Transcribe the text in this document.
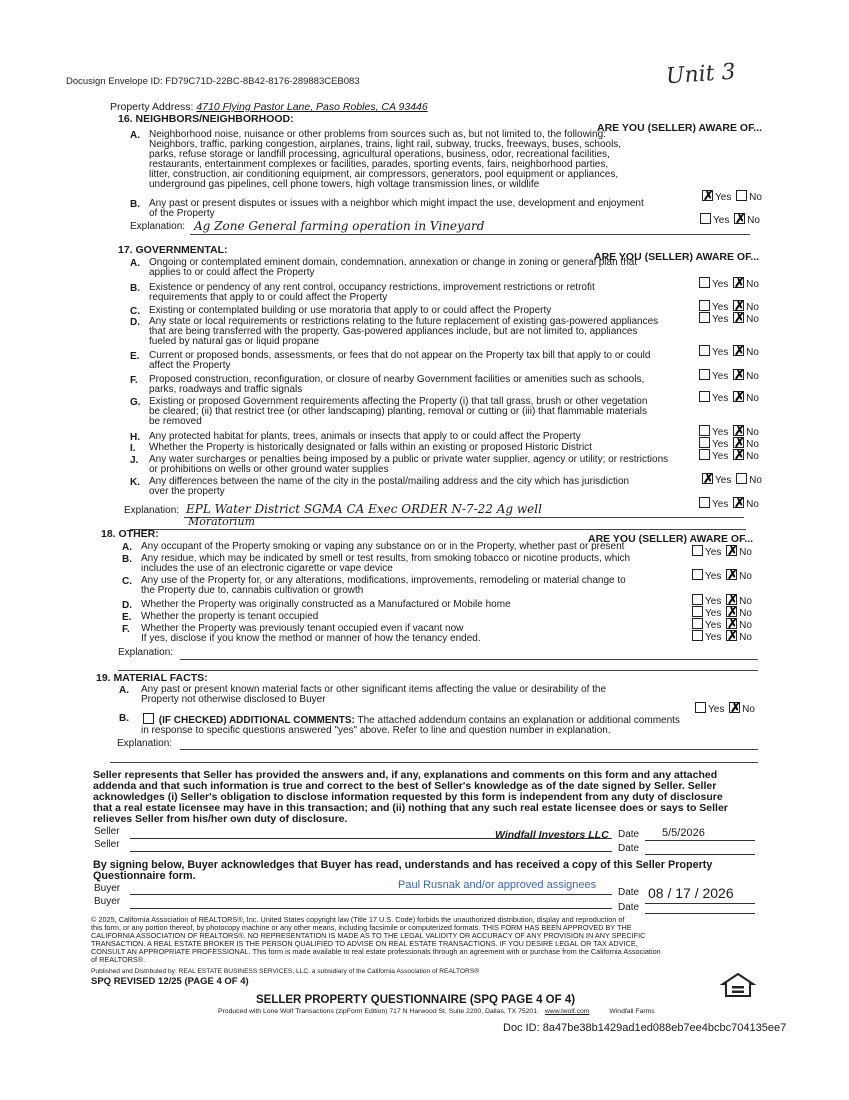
Docusign Envelope ID: FD79C71D-22BC-8B42-8176-289883CEB083	Unit 3
Property Address: 4710 Flying Pastor Lane, Paso Robles, CA 93446
16. NEIGHBORS/NEIGHBORHOOD:
ARE YOU (SELLER) AWARE OF...
A. Neighborhood noise, nuisance or other problems from sources such as, but not limited to, the following:
Neighbors, traffic, parking congestion, airplanes, trains, light rail, subway, trucks, freeways, buses, schools,
parks, refuse storage or landfill processing, agricultural operations, business, odor, recreational facilities,
restaurants, entertainment complexes or facilities, parades, sporting events, fairs, neighborhood parties,
litter, construction, air conditioning equipment, air compressors, generators, pool equipment or appliances,
underground gas pipelines, cell phone towers, high voltage transmission lines, or wildlife
✗Yes No
B. Any past or present disputes or issues with a neighbor which might impact the use, development and enjoyment
of the Property
Yes ✗ No
Explanation: Ag Zone General farming operation in Vineyard
17. GOVERNMENTAL:
ARE YOU (SELLER) AWARE OF...
A. Ongoing or contemplated eminent domain, condemnation, annexation or change in zoning or general plan that
applies to or could affect the Property
Yes ✗ No
B. Existence or pendency of any rent control, occupancy restrictions, improvement restrictions or retrofit
requirements that apply to or could affect the Property
Yes ✗ No
C. Existing or contemplated building or use moratoria that apply to or could affect the Property
Yes ✗ No
D. Any state or local requirements or restrictions relating to the future replacement of existing gas-powered appliances
that are being transferred with the property. Gas-powered appliances include, but are not limited to, appliances
fueled by natural gas or liquid propane
Yes ✗ No
E. Current or proposed bonds, assessments, or fees that do not appear on the Property tax bill that apply to or could
affect the Property
Yes ✗ No
F. Proposed construction, reconfiguration, or closure of nearby Government facilities or amenities such as schools,
parks, roadways and traffic signals
Yes ✗ No
G. Existing or proposed Government requirements affecting the Property (i) that tall grass, brush or other vegetation
be cleared; (ii) that restrict tree (or other landscaping) planting, removal or cutting or (iii) that flammable materials
be removed
Yes ✗ No
H. Any protected habitat for plants, trees, animals or insects that apply to or could affect the Property
Yes ✗ No
I. Whether the Property is historically designated or falls within an existing or proposed Historic District
Yes ✗ No
J. Any water surcharges or penalties being imposed by a public or private water supplier, agency or utility; or restrictions
or prohibitions on wells or other ground water supplies
✗Yes No
K. Any differences between the name of the city in the postal/mailing address and the city which has jurisdiction
over the property
Yes ✗ No
Explanation: EPL Water District SGMA CA Exec ORDER N-7-22 Ag well
Moratorium
18. OTHER:	ARE YOU (SELLER) AWARE OF...
A. Any occupant of the Property smoking or vaping any substance on or in the Property, whether past or present
Yes ✗ No
B. Any residue, which may be indicated by smell or test results, from smoking tobacco or nicotine products, which
includes the use of an electronic cigarette or vape device
Yes ✗ No
C. Any use of the Property for, or any alterations, modifications, improvements, remodeling or material change to
the Property due to, cannabis cultivation or growth
Yes ✗ No
D. Whether the Property was originally constructed as a Manufactured or Mobile home
Yes ✗ No
E. Whether the property is tenant occupied
Yes ✗ No
F. Whether the Property was previously tenant occupied even if vacant now
If yes, disclose if you know the method or manner of how the tenancy ended.	Yes ✗ No
Explanation:
19. MATERIAL FACTS:
A. Any past or present known material facts or other significant items affecting the value or desirability of the
Property not otherwise disclosed to Buyer
Yes ✗ No
B.	(IF CHECKED) ADDITIONAL COMMENTS: The attached addendum contains an explanation or additional comments
in response to specific questions answered "yes" above. Refer to line and question number in explanation.
Explanation:
Seller represents that Seller has provided the answers and, if any, explanations and comments on this form and any attached
addenda and that such information is true and correct to the best of Seller's knowledge as of the date signed by Seller. Seller
acknowledges (i) Seller's obligation to disclose information requested by this form is independent from any duty of disclosure
that a real estate licensee may have in this transaction; and (ii) nothing that any such real estate licensee does or says to Seller
relieves Seller from his/her own duty of disclosure.
Seller	Windfall Investors LLC Date 5/5/2026
Seller	Date
By signing below, Buyer acknowledges that Buyer has read, understands and has received a copy of this Seller Property
Questionnaire form.
Buyer	Paul Rusnak and/or approved assignees
Date 08 / 17 / 2026
Buyer
Date
© 2025, California Association of REALTORS®, Inc. United States copyright law (Title 17 U.S. Code) forbids the unauthorized distribution, display and reproduction of
this form, or any portion thereof, by photocopy machine or any other means, including facsimile or computerized formats. THIS FORM HAS BEEN APPROVED BY THE
CALIFORNIA ASSOCIATION OF REALTORS®. NO REPRESENTATION IS MADE AS TO THE LEGAL VALIDITY OR ACCURACY OF ANY PROVISION IN ANY SPECIFIC
TRANSACTION. A REAL ESTATE BROKER IS THE PERSON QUALIFIED TO ADVISE ON REAL ESTATE TRANSACTIONS. IF YOU DESIRE LEGAL OR TAX ADVICE,
CONSULT AN APPROPRIATE PROFESSIONAL. This form is made available to real estate professionals through an agreement with or purchase from the California Association
of REALTORS®.
Published and Distributed by: REAL ESTATE BUSINESS SERVICES, LLC. a subsidiary of the California Association of REALTORS®
SPQ REVISED 12/25 (PAGE 4 OF 4)
SELLER PROPERTY QUESTIONNAIRE (SPQ PAGE 4 OF 4)
Produced with Lone Wolf Transactions (zipForm Edition) 717 N Harwood St, Suite 2200, Dallas, TX 75201 www.lwolf.com	Windfall Farms
Doc ID: 8a47be38b1429ad1ed088eb7ee4bcbc704135ee7
